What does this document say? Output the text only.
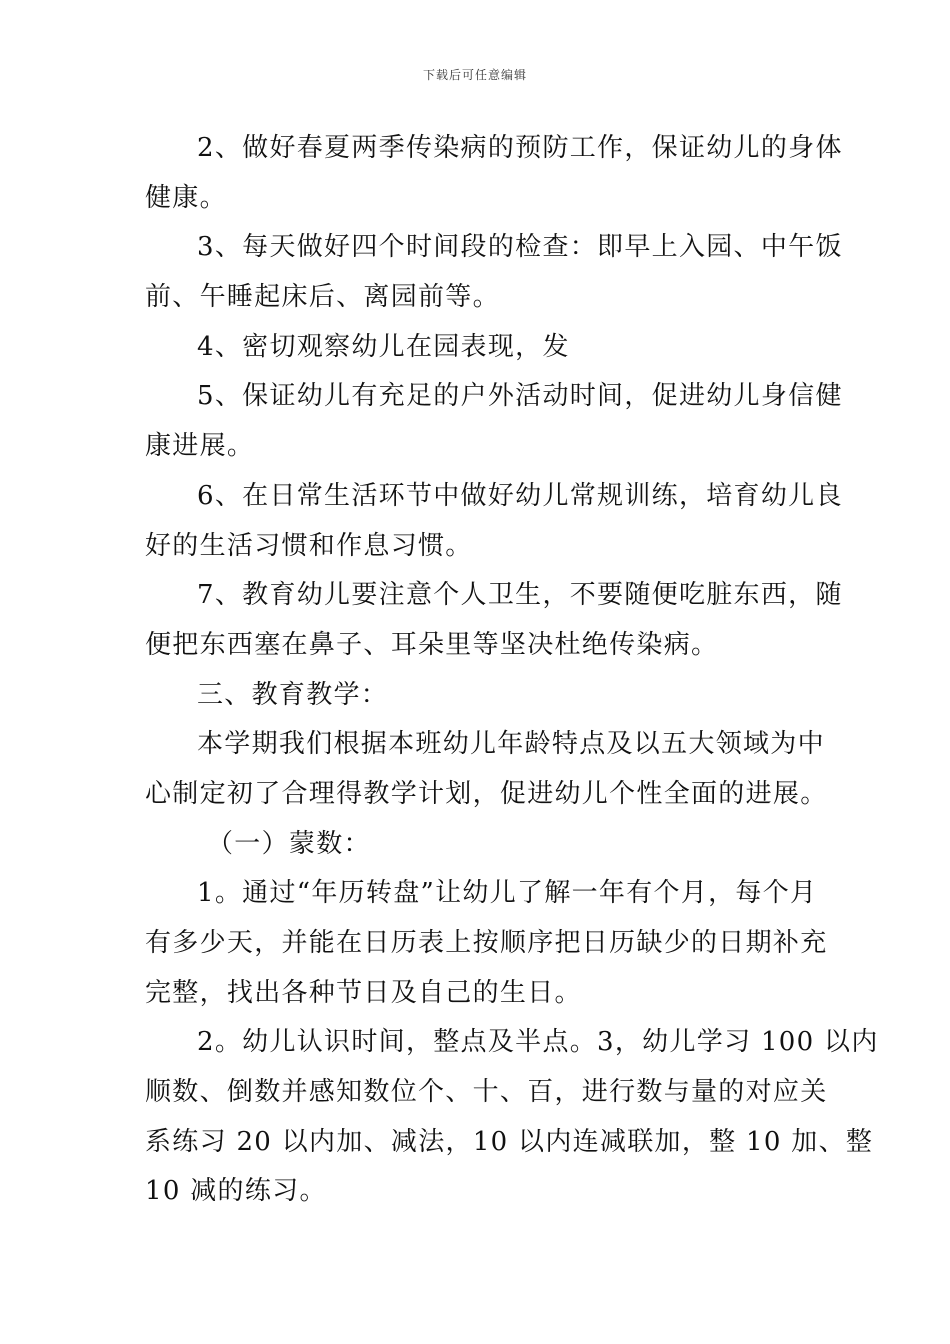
下载后可任意编辑
2、做好春夏两季传染病的预防工作，保证幼儿的身体
健康。
3、每天做好四个时间段的检查：即早上入园、中午饭
前、午睡起床后、离园前等。
4、密切观察幼儿在园表现，发
5、保证幼儿有充足的户外活动时间，促进幼儿身信健
康进展。
6、在日常生活环节中做好幼儿常规训练，培育幼儿良
好的生活习惯和作息习惯。
7、教育幼儿要注意个人卫生，不要随便吃脏东西，随
便把东西塞在鼻子、耳朵里等坚决杜绝传染病。
三、教育教学：
本学期我们根据本班幼儿年龄特点及以五大领域为中
心制定初了合理得教学计划，促进幼儿个性全面的进展。
（一）蒙数：
1。通过“年历转盘”让幼儿了解一年有个月，每个月
有多少天，并能在日历表上按顺序把日历缺少的日期补充
完整，找出各种节日及自己的生日。
2。幼儿认识时间，整点及半点。3，幼儿学习 100 以内
顺数、倒数并感知数位个、十、百，进行数与量的对应关
系练习 20 以内加、减法，10 以内连减联加，整 10 加、整
10 减的练习。
